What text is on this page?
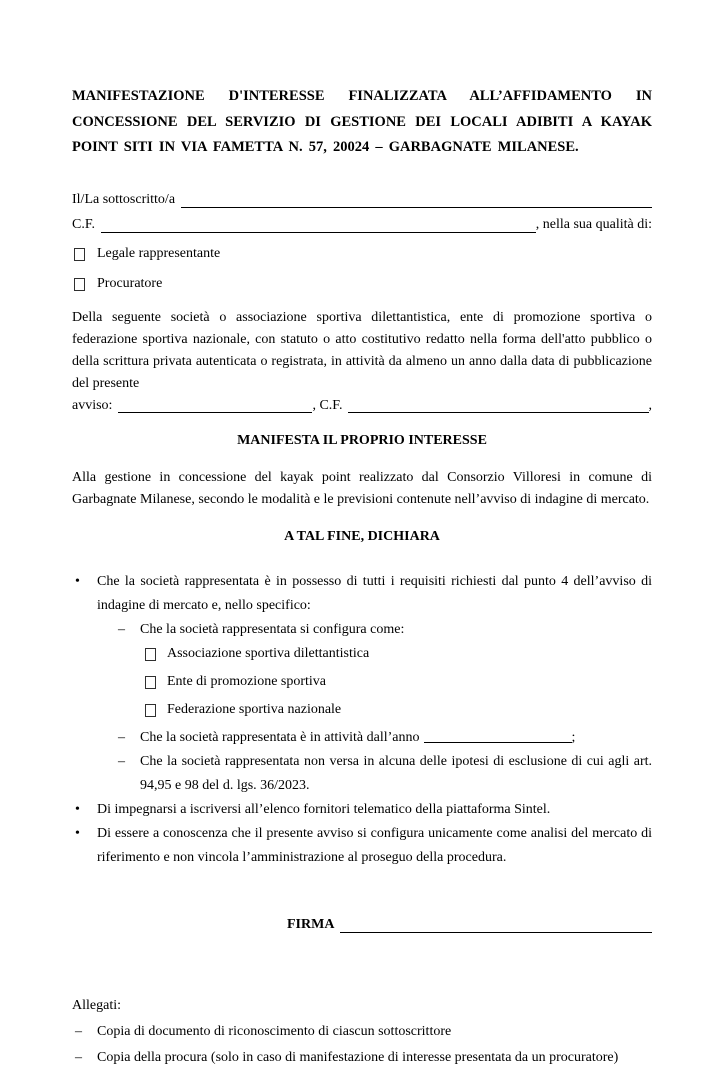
MANIFESTAZIONE D'INTERESSE FINALIZZATA ALL’AFFIDAMENTO IN CONCESSIONE DEL SERVIZIO DI GESTIONE DEI LOCALI ADIBITI A KAYAK POINT SITI IN VIA FAMETTA N. 57, 20024 – GARBAGNATE MILANESE.
Il/La sottoscritto/a
C.F.	, nella sua qualità di:
Legale rappresentante
Procuratore
Della seguente società o associazione sportiva dilettantistica, ente di promozione sportiva o federazione sportiva nazionale, con statuto o atto costitutivo redatto nella forma dell'atto pubblico o della scrittura privata autenticata o registrata, in attività da almeno un anno dalla data di pubblicazione del presente
avviso:	, C.F.	,
MANIFESTA IL PROPRIO INTERESSE
Alla gestione in concessione del kayak point realizzato dal Consorzio Villoresi in comune di Garbagnate Milanese, secondo le modalità e le previsioni contenute nell’avviso di indagine di mercato.
A TAL FINE, DICHIARA
•	Che la società rappresentata è in possesso di tutti i requisiti richiesti dal punto 4 dell’avviso di indagine di mercato e, nello specifico:
–	Che la società rappresentata si configura come:
Associazione sportiva dilettantistica
Ente di promozione sportiva
Federazione sportiva nazionale
–	Che la società rappresentata è in attività dall’anno	;
–	Che la società rappresentata non versa in alcuna delle ipotesi di esclusione di cui agli art. 94,95 e 98 del d. lgs. 36/2023.
•	Di impegnarsi a iscriversi all’elenco fornitori telematico della piattaforma Sintel.
•	Di essere a conoscenza che il presente avviso si configura unicamente come analisi del mercato di riferimento e non vincola l’amministrazione al proseguo della procedura.
FIRMA
Allegati:
–	Copia di documento di riconoscimento di ciascun sottoscrittore
–	Copia della procura (solo in caso di manifestazione di interesse presentata da un procuratore)
